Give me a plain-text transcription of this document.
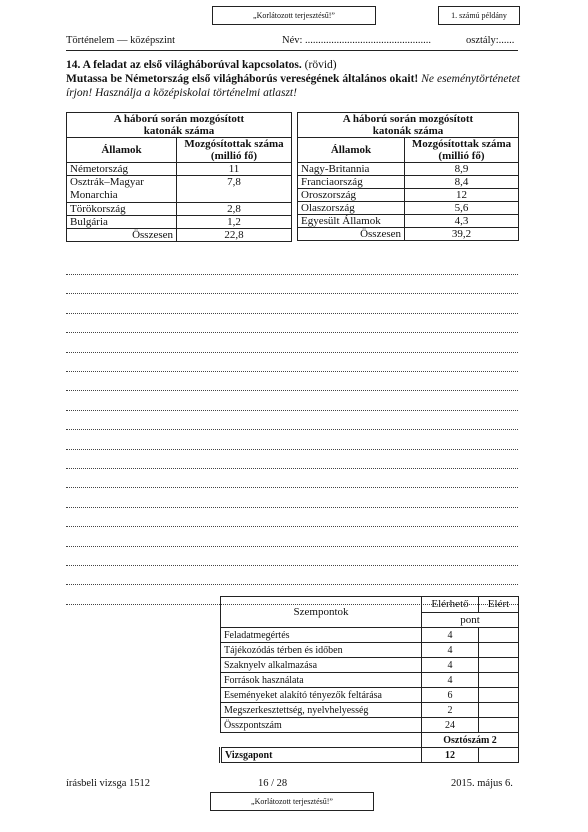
„Korlátozott terjesztésű!”	1. számú példány
Történelem — középszint	Név: ................................................	osztály:......
14. A feladat az első világháborúval kapcsolatos. (rövid)
Mutassa be Németország első világháborús vereségének általános okait! Ne eseménytörténetet írjon! Használja a középiskolai történelmi atlaszt!
A háború során mozgósított
katonák száma	
Államok	Mozgósítottak száma
(millió fő)
Németország	11
Osztrák–Magyar Monarchia	7,8
Törökország	2,8
Bulgária	1,2
Összesen	22,8
A háború során mozgósított
katonák száma	
Államok	Mozgósítottak száma
(millió fő)
Nagy-Britannia	8,9
Franciaország	8,4
Oroszország	12
Olaszország	5,6
Egyesült Államok	4,3
Összesen	39,2
Szempontok	Elérhető	Elért
	pont	
Feladatmegértés	4	
Tájékozódás térben és időben	4	
Szaknyelv alkalmazása	4	
Források használata	4	
Eseményeket alakító tényezők feltárása	6	
Megszerkesztettség, nyelvhelyesség	2	
Összpontszám	24	
	Osztószám 2	
Vizsgapont	12	
írásbeli vizsga 1512	16 / 28	2015. május 6.
„Korlátozott terjesztésű!”
